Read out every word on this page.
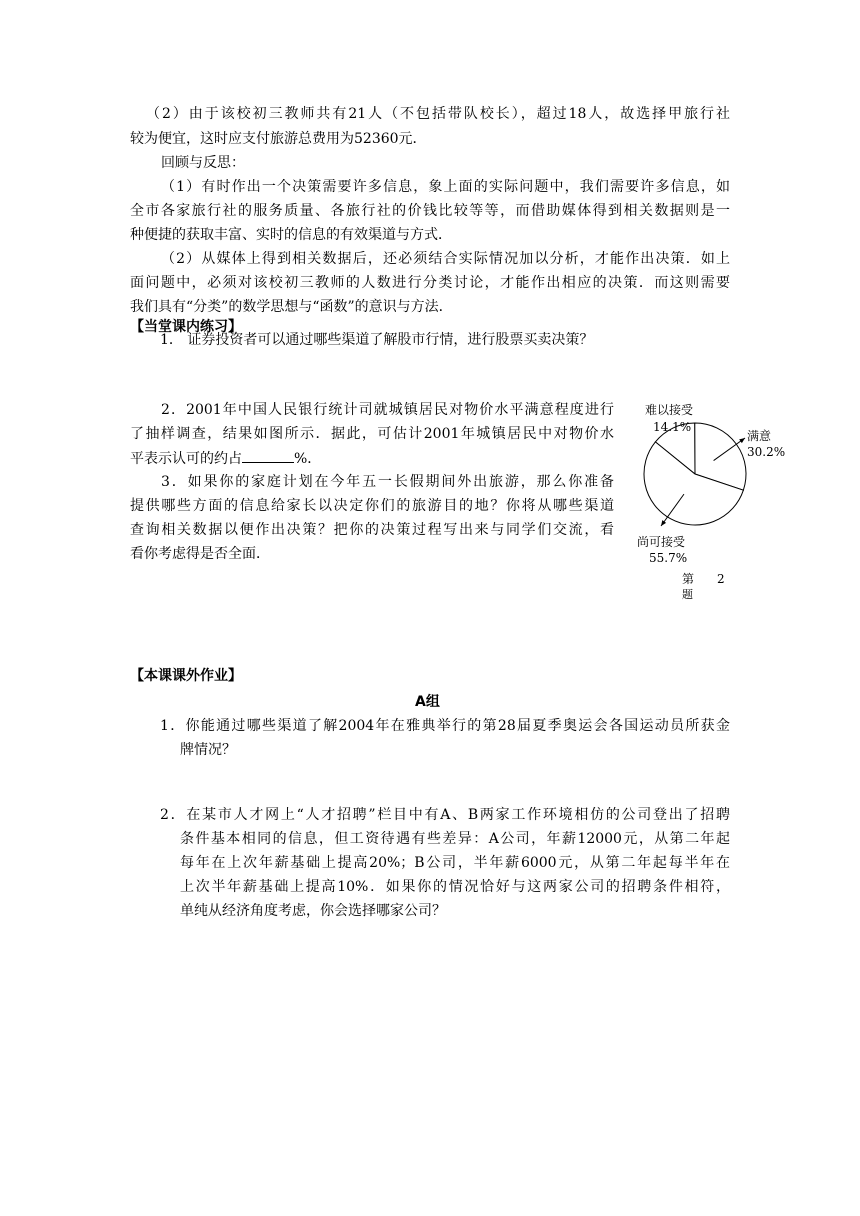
（2）由于该校初三教师共有21人（不包括带队校长），超过18人，故选择甲旅行社
较为便宜，这时应支付旅游总费用为52360元．
回顾与反思：
（1）有时作出一个决策需要许多信息，象上面的实际问题中，我们需要许多信息，如
全市各家旅行社的服务质量、各旅行社的价钱比较等等，而借助媒体得到相关数据则是一
种便捷的获取丰富、实时的信息的有效渠道与方式．
（2）从媒体上得到相关数据后，还必须结合实际情况加以分析，才能作出决策．如上
面问题中，必须对该校初三教师的人数进行分类讨论，才能作出相应的决策．而这则需要
我们具有“分类”的数学思想与“函数”的意识与方法．
【当堂课内练习】
1． 证券投资者可以通过哪些渠道了解股市行情，进行股票买卖决策？
2．2001年中国人民银行统计司就城镇居民对物价水平满意程度进行
了抽样调查，结果如图所示．据此，可估计2001年城镇居民中对物价水
平表示认可的约占	%．
3．如果你的家庭计划在今年五一长假期间外出旅游，那么你准备
提供哪些方面的信息给家长以决定你们的旅游目的地？你将从哪些渠道
查询相关数据以便作出决策？把你的决策过程写出来与同学们交流，看
看你考虑得是否全面．
难以接受
14.1%
满意
30.2%
尚可接受
55.7%
第 2
题
【本课课外作业】
A组
1．你能通过哪些渠道了解2004年在雅典举行的第28届夏季奥运会各国运动员所获金
牌情况？
2．在某市人才网上“人才招聘”栏目中有A、B两家工作环境相仿的公司登出了招聘
条件基本相同的信息，但工资待遇有些差异：A公司，年薪12000元，从第二年起
每年在上次年薪基础上提高20%；B公司，半年薪6000元，从第二年起每半年在
上次半年薪基础上提高10%．如果你的情况恰好与这两家公司的招聘条件相符，
单纯从经济角度考虑，你会选择哪家公司？
